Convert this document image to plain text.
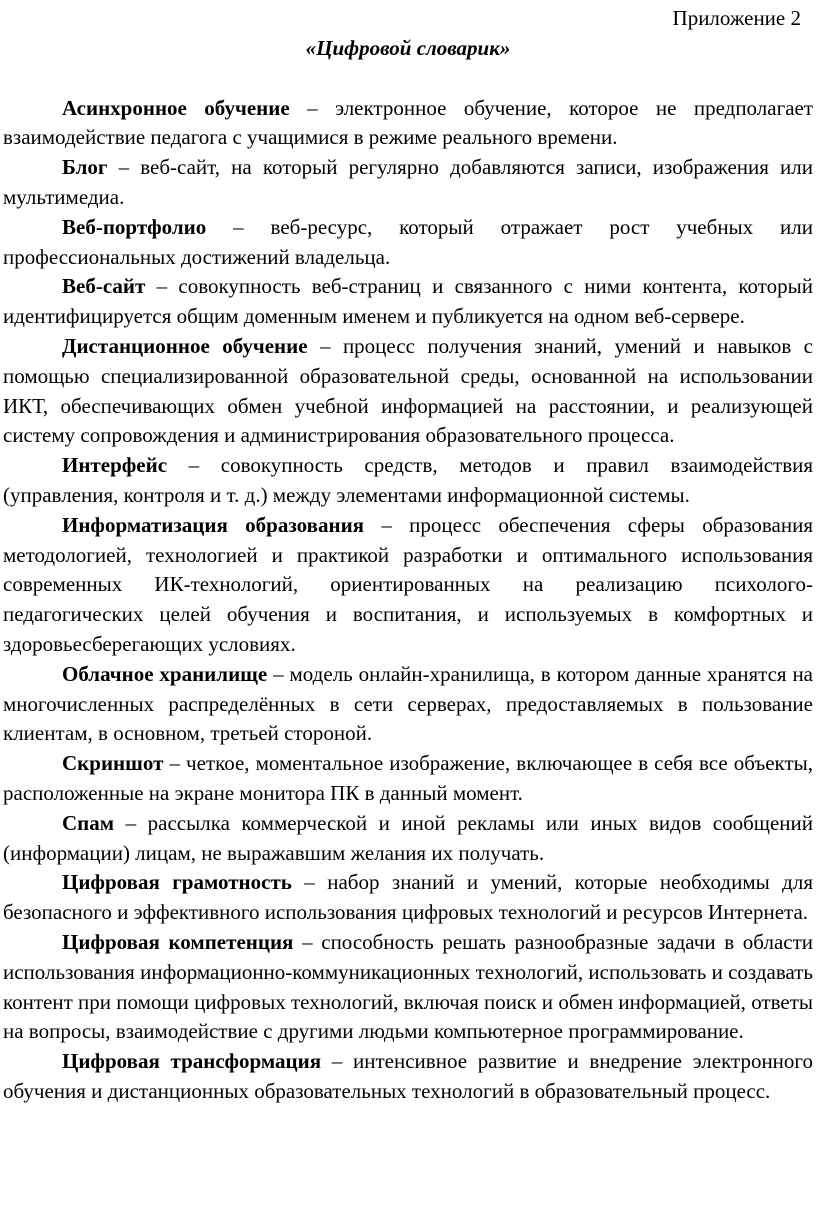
Приложение 2

«Цифровой словарик»

Асинхронное обучение – электронное обучение, которое не предполагает взаимодействие педагога с учащимися в режиме реального времени.

Блог – веб-сайт, на который регулярно добавляются записи, изображения или мультимедиа.

Веб-портфолио – веб-ресурс, который отражает рост учебных или профессиональных достижений владельца.

Веб-сайт – совокупность веб-страниц и связанного с ними контента, который идентифицируется общим доменным именем и публикуется на одном веб-сервере.

Дистанционное обучение – процесс получения знаний, умений и навыков с помощью специализированной образовательной среды, основанной на использовании ИКТ, обеспечивающих обмен учебной информацией на расстоянии, и реализующей систему сопровождения и администрирования образовательного процесса.

Интерфейс – совокупность средств, методов и правил взаимодействия (управления, контроля и т. д.) между элементами информационной системы.

Информатизация образования – процесс обеспечения сферы образования методологией, технологией и практикой разработки и оптимального использования современных ИК-технологий, ориентированных на реализацию психолого-педагогических целей обучения и воспитания, и используемых в комфортных и здоровьесберегающих условиях.

Облачное хранилище – модель онлайн-хранилища, в котором данные хранятся на многочисленных распределённых в сети серверах, предоставляемых в пользование клиентам, в основном, третьей стороной.

Скриншот – четкое, моментальное изображение, включающее в себя все объекты, расположенные на экране монитора ПК в данный момент.

Спам – рассылка коммерческой и иной рекламы или иных видов сообщений (информации) лицам, не выражавшим желания их получать.

Цифровая грамотность – набор знаний и умений, которые необходимы для безопасного и эффективного использования цифровых технологий и ресурсов Интернета.

Цифровая компетенция – способность решать разнообразные задачи в области использования информационно-коммуникационных технологий, использовать и создавать контент при помощи цифровых технологий, включая поиск и обмен информацией, ответы на вопросы, взаимодействие с другими людьми компьютерное программирование.

Цифровая трансформация – интенсивное развитие и внедрение электронного обучения и дистанционных образовательных технологий в образовательный процесс.
